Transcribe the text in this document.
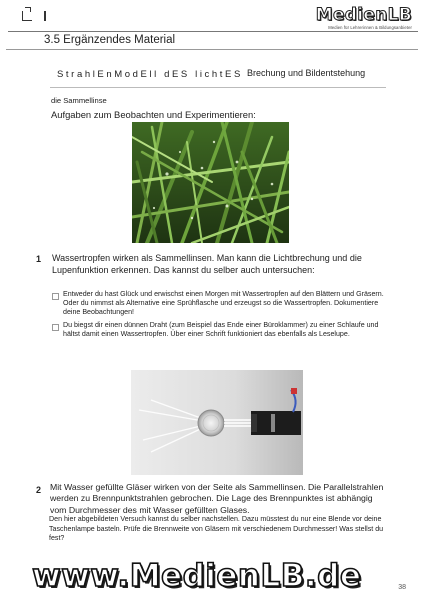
MedienLB
Medien für Lehrerinnen & Bildungsanbieter
3.5 Ergänzendes Material
StrahlEnModEll dES lichtES Brechung und Bildentstehung
die Sammellinse
Aufgaben zum Beobachten und Experimentieren:
1 Wassertropfen wirken als Sammellinsen. Man kann die Lichtbrechung und die Lupenfunktion erkennen. Das kannst du selber auch untersuchen:
Entweder du hast Glück und erwischst einen Morgen mit Wassertropfen auf den Blättern und Gräsern. Oder du nimmst als Alternative eine Sprühflasche und erzeugst so die Wassertropfen. Dokumentiere deine Beobachtungen!
Du biegst dir einen dünnen Draht (zum Beispiel das Ende einer Büroklammer) zu einer Schlaufe und hältst damit einen Wassertropfen. Über einer Schrift funktioniert das ebenfalls als Leselupe.
2 Mit Wasser gefüllte Gläser wirken von der Seite als Sammellinsen. Die Parallelstrahlen werden zu Brennpunktstrahlen gebrochen. Die Lage des Brennpunktes ist abhängig vom Durchmesser des mit Wasser gefüllten Glases.
Den hier abgebildeten Versuch kannst du selber nachstellen. Dazu müsstest du nur eine Blende vor deine Taschenlampe basteln. Prüfe die Brennweite von Gläsern mit verschiedenem Durchmesser! Was stellst du fest?
www.MedienLB.de	38
